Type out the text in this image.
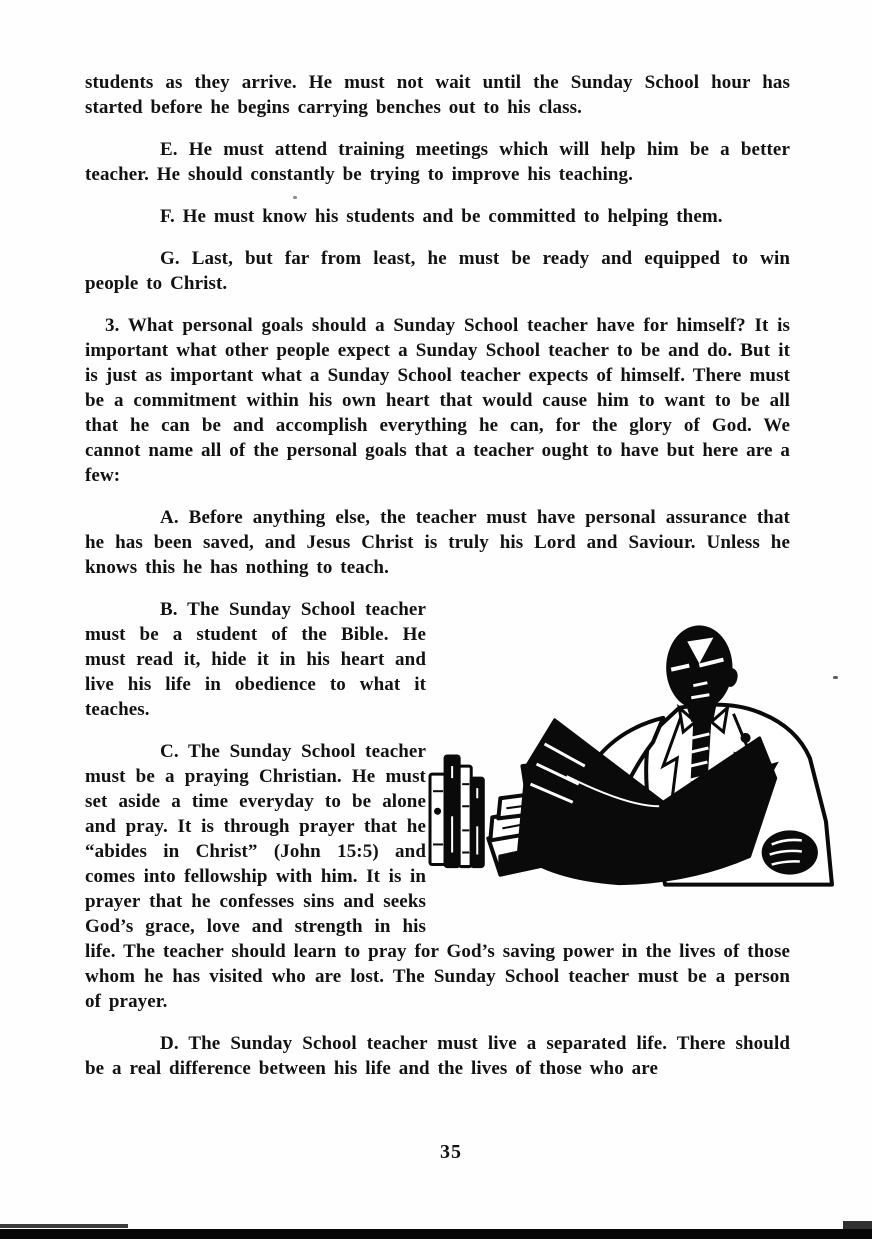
students as they arrive. He must not wait until the Sunday School hour has started before he begins carrying benches out to his class.

E. He must attend training meetings which will help him be a better teacher. He should constantly be trying to improve his teaching.

F. He must know his students and be committed to helping them.

G. Last, but far from least, he must be ready and equipped to win people to Christ.

3. What personal goals should a Sunday School teacher have for himself? It is important what other people expect a Sunday School teacher to be and do. But it is just as important what a Sunday School teacher expects of himself. There must be a commitment within his own heart that would cause him to want to be all that he can be and accomplish everything he can, for the glory of God. We cannot name all of the personal goals that a teacher ought to have but here are a few:

A. Before anything else, the teacher must have personal assurance that he has been saved, and Jesus Christ is truly his Lord and Saviour. Unless he knows this he has nothing to teach.

B. The Sunday School teacher must be a student of the Bible. He must read it, hide it in his heart and live his life in obedience to what it teaches.

C. The Sunday School teacher must be a praying Christian. He must set aside a time everyday to be alone and pray. It is through prayer that he “abides in Christ” (John 15:5) and comes into fellowship with him. It is in prayer that he confesses sins and seeks God’s grace, love and strength in his life. The teacher should learn to pray for God’s saving power in the lives of those whom he has visited who are lost. The Sunday School teacher must be a person of prayer.

D. The Sunday School teacher must live a separated life. There should be a real difference between his life and the lives of those who are

35
